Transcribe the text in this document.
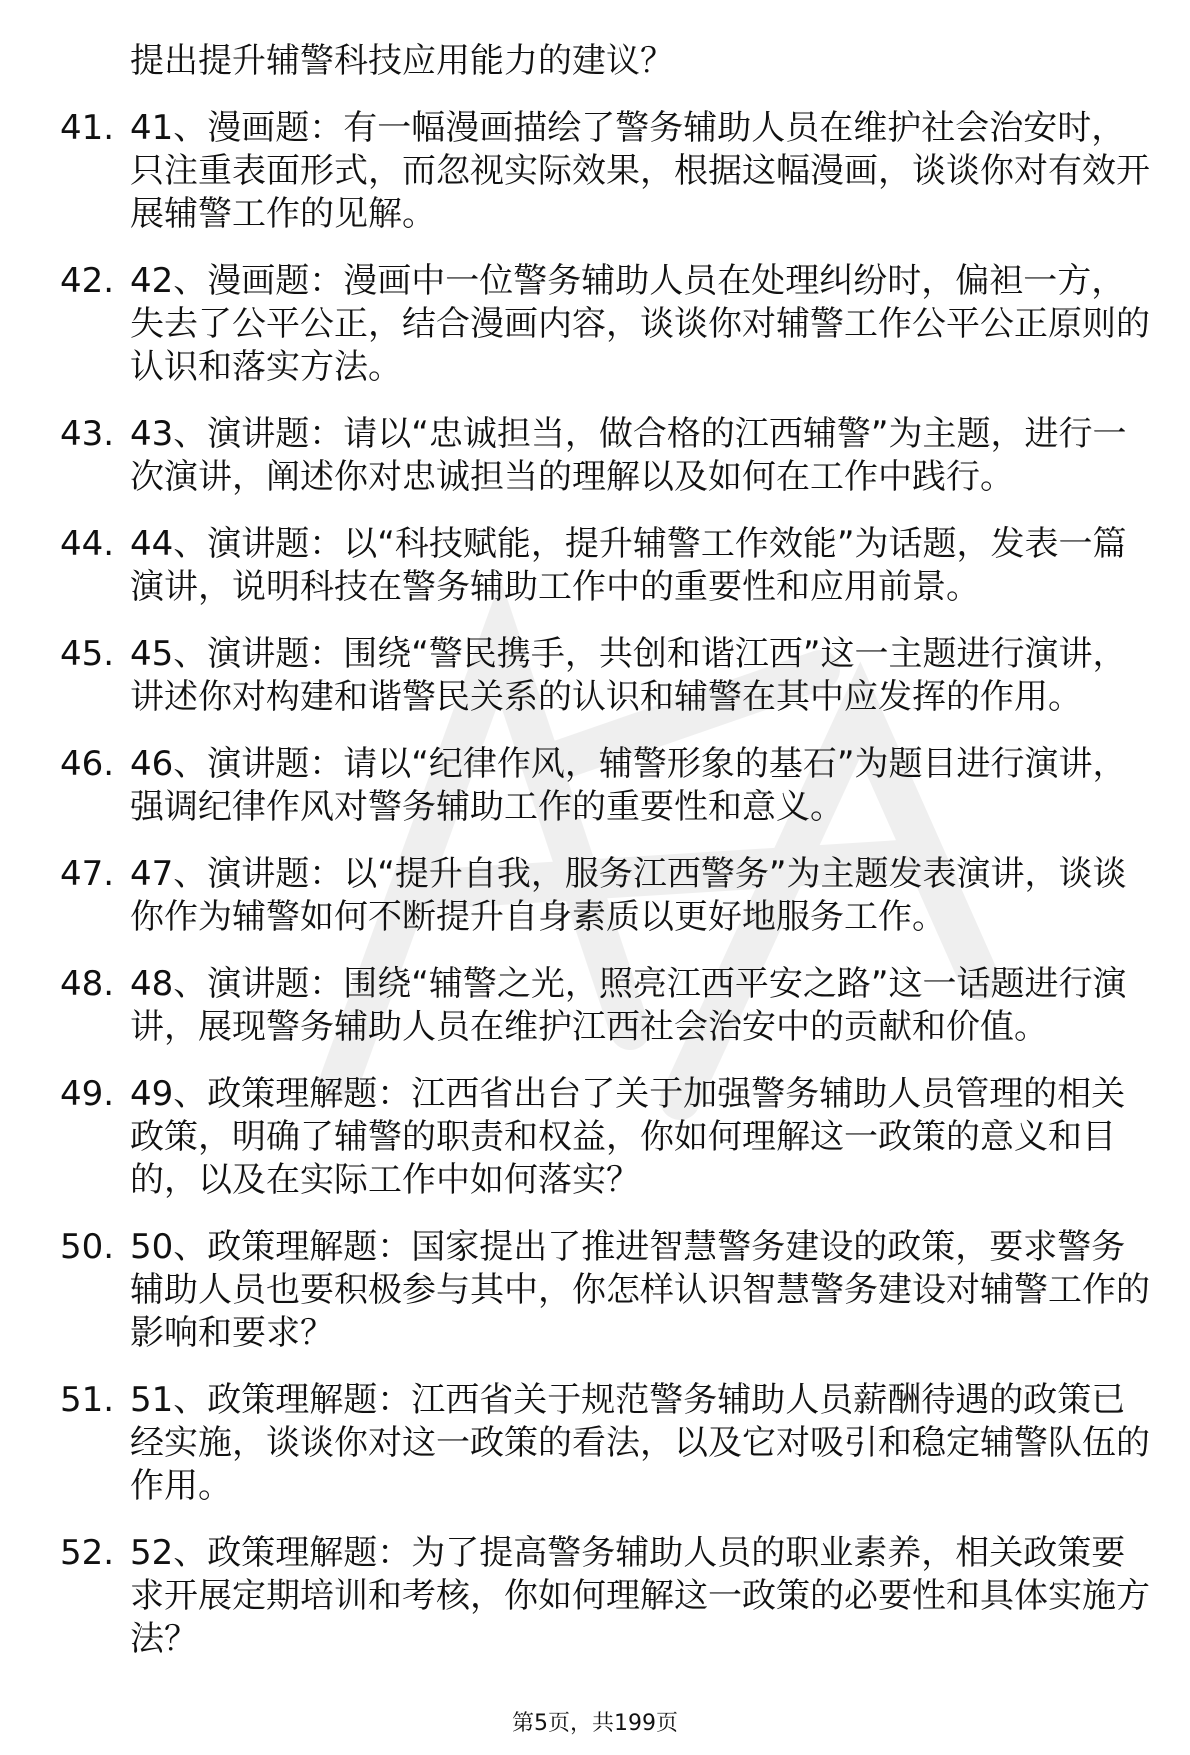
提出提升辅警科技应用能力的建议？
41. 41、漫画题：有一幅漫画描绘了警务辅助人员在维护社会治安时，只注重表面形式，而忽视实际效果，根据这幅漫画，谈谈你对有效开展辅警工作的见解。
42. 42、漫画题：漫画中一位警务辅助人员在处理纠纷时，偏袒一方，失去了公平公正，结合漫画内容，谈谈你对辅警工作公平公正原则的认识和落实方法。
43. 43、演讲题：请以“忠诚担当，做合格的江西辅警”为主题，进行一次演讲，阐述你对忠诚担当的理解以及如何在工作中践行。
44. 44、演讲题：以“科技赋能，提升辅警工作效能”为话题，发表一篇演讲，说明科技在警务辅助工作中的重要性和应用前景。
45. 45、演讲题：围绕“警民携手，共创和谐江西”这一主题进行演讲，讲述你对构建和谐警民关系的认识和辅警在其中应发挥的作用。
46. 46、演讲题：请以“纪律作风，辅警形象的基石”为题目进行演讲，强调纪律作风对警务辅助工作的重要性和意义。
47. 47、演讲题：以“提升自我，服务江西警务”为主题发表演讲，谈谈你作为辅警如何不断提升自身素质以更好地服务工作。
48. 48、演讲题：围绕“辅警之光，照亮江西平安之路”这一话题进行演讲，展现警务辅助人员在维护江西社会治安中的贡献和价值。
49. 49、政策理解题：江西省出台了关于加强警务辅助人员管理的相关政策，明确了辅警的职责和权益，你如何理解这一政策的意义和目的，以及在实际工作中如何落实？
50. 50、政策理解题：国家提出了推进智慧警务建设的政策，要求警务辅助人员也要积极参与其中，你怎样认识智慧警务建设对辅警工作的影响和要求？
51. 51、政策理解题：江西省关于规范警务辅助人员薪酬待遇的政策已经实施，谈谈你对这一政策的看法，以及它对吸引和稳定辅警队伍的作用。
52. 52、政策理解题：为了提高警务辅助人员的职业素养，相关政策要求开展定期培训和考核，你如何理解这一政策的必要性和具体实施方法？
第5页，共199页
